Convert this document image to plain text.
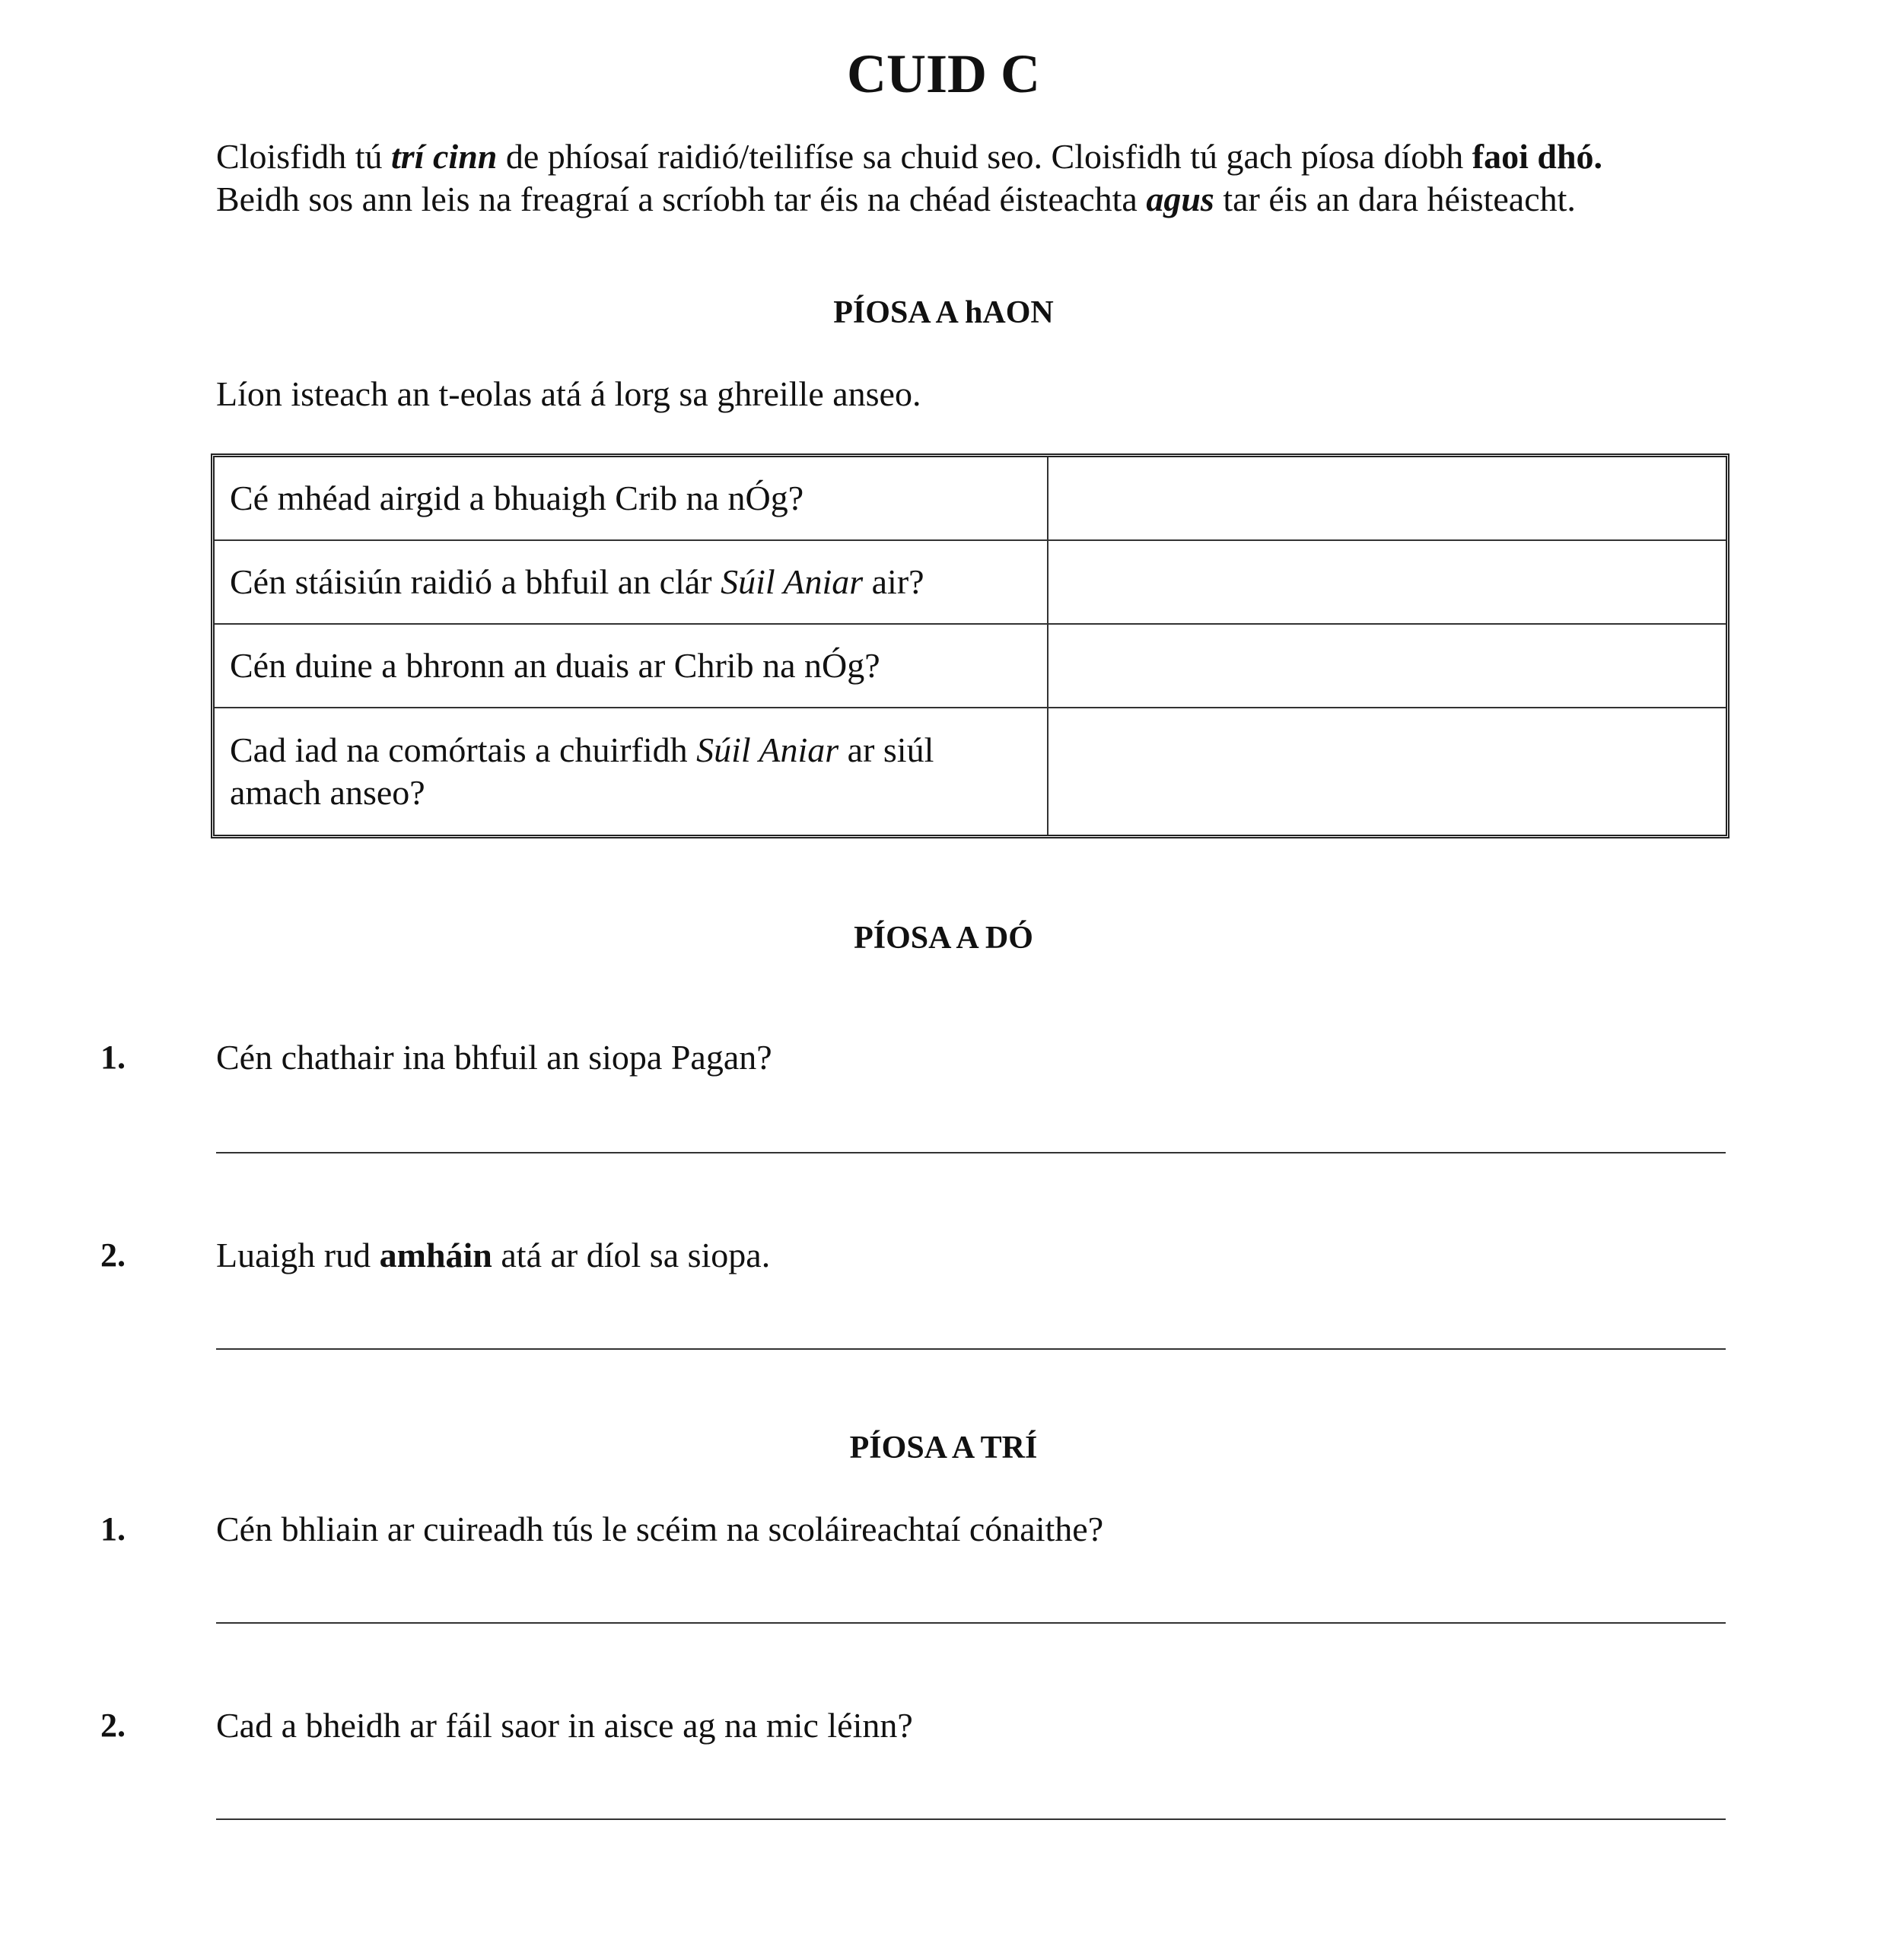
CUID C
Cloisfidh tú trí cinn de phíosaí raidió/teilifíse sa chuid seo. Cloisfidh tú gach píosa díobh faoi dhó.
Beidh sos ann leis na freagraí a scríobh tar éis na chéad éisteachta agus tar éis an dara héisteacht.
PÍOSA A hAON
Líon isteach an t-eolas atá á lorg sa ghreille anseo.
Cé mhéad airgid a bhuaigh Crib na nÓg?	
Cén stáisiún raidió a bhfuil an clár Súil Aniar air?	
Cén duine a bhronn an duais ar Chrib na nÓg?	
Cad iad na comórtais a chuirfidh Súil Aniar ar siúl amach anseo?	
PÍOSA A DÓ
1.	Cén chathair ina bhfuil an siopa Pagan?
2.	Luaigh rud amháin atá ar díol sa siopa.
PÍOSA A TRÍ
1.	Cén bhliain ar cuireadh tús le scéim na scoláireachtaí cónaithe?
2.	Cad a bheidh ar fáil saor in aisce ag na mic léinn?
